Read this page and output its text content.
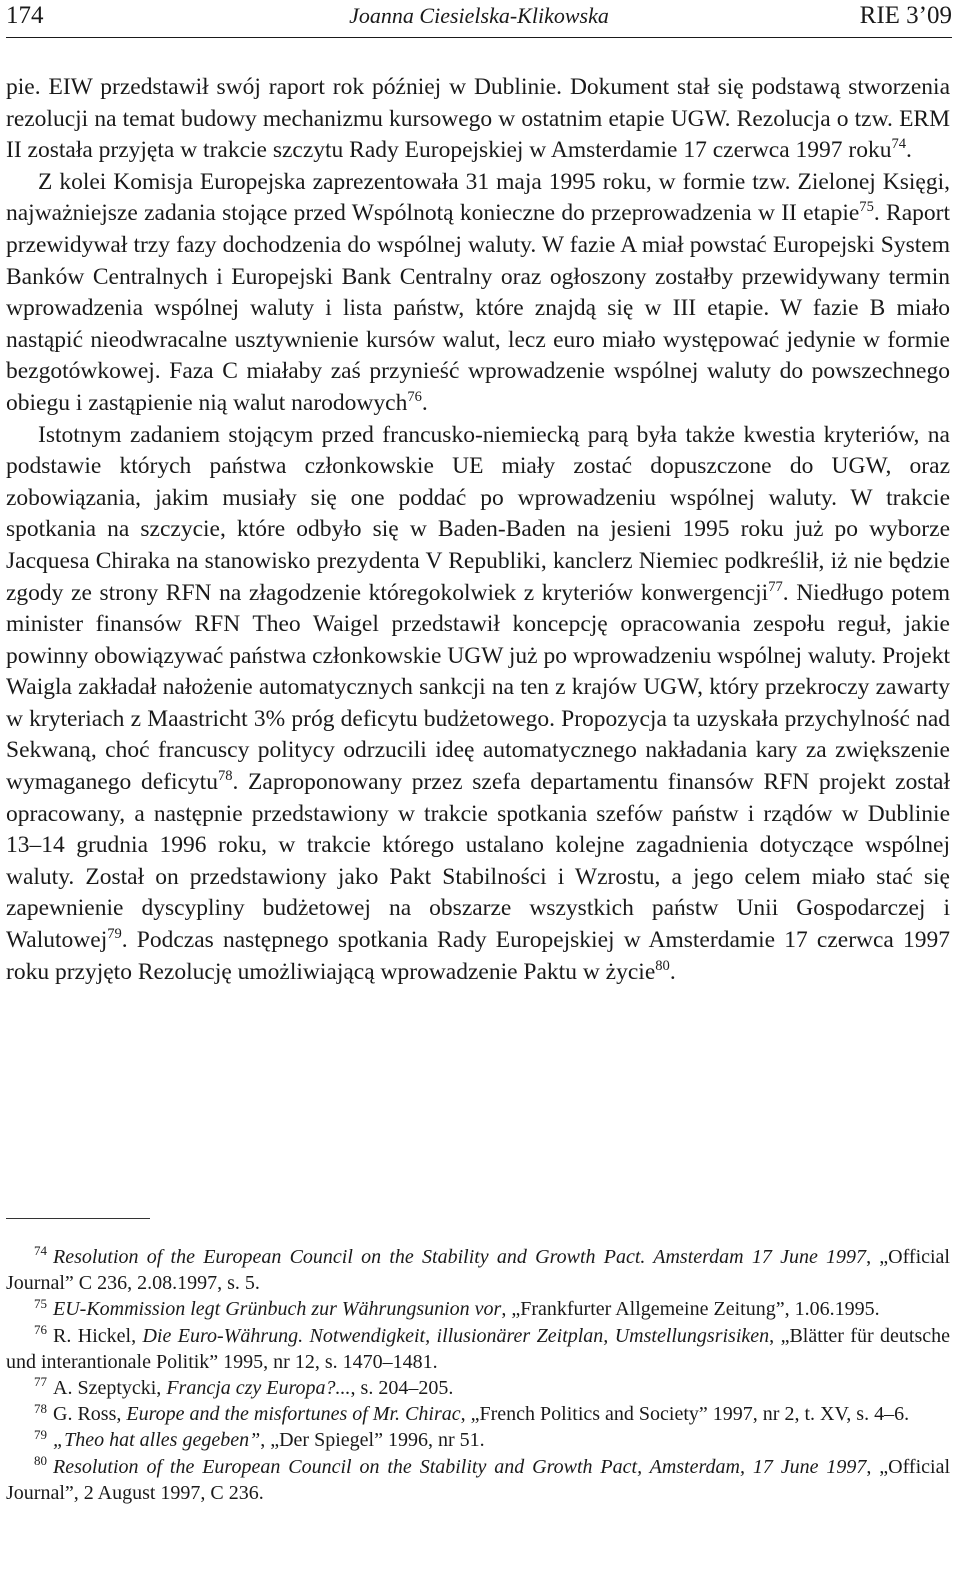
174	Joanna Ciesielska-Klikowska	RIE 3’09

pie. EIW przedstawił swój raport rok później w Dublinie. Dokument stał się podstawą stworzenia rezolucji na temat budowy mechanizmu kursowego w ostatnim etapie UGW. Rezolucja o tzw. ERM II została przyjęta w trakcie szczytu Rady Europejskiej w Amsterdamie 17 czerwca 1997 roku$^{74}$.

Z kolei Komisja Europejska zaprezentowała 31 maja 1995 roku, w formie tzw. Zielonej Księgi, najważniejsze zadania stojące przed Wspólnotą konieczne do przeprowadzenia w II etapie$^{75}$. Raport przewidywał trzy fazy dochodzenia do wspólnej waluty. W fazie A miał powstać Europejski System Banków Centralnych i Europejski Bank Centralny oraz ogłoszony zostałby przewidywany termin wprowadzenia wspólnej waluty i lista państw, które znajdą się w III etapie. W fazie B miało nastąpić nieodwracalne usztywnienie kursów walut, lecz euro miało występować jedynie w formie bezgotówkowej. Faza C miałaby zaś przynieść wprowadzenie wspólnej waluty do powszechnego obiegu i zastąpienie nią walut narodowych$^{76}$.

Istotnym zadaniem stojącym przed francusko-niemiecką parą była także kwestia kryteriów, na podstawie których państwa członkowskie UE miały zostać dopuszczone do UGW, oraz zobowiązania, jakim musiały się one poddać po wprowadzeniu wspólnej waluty. W trakcie spotkania na szczycie, które odbyło się w Baden-Baden na jesieni 1995 roku już po wyborze Jacquesa Chiraka na stanowisko prezydenta V Republiki, kanclerz Niemiec podkreślił, iż nie będzie zgody ze strony RFN na złagodzenie któregokolwiek z kryteriów konwergencji$^{77}$. Niedługo potem minister finansów RFN Theo Waigel przedstawił koncepcję opracowania zespołu reguł, jakie powinny obowiązywać państwa członkowskie UGW już po wprowadzeniu wspólnej waluty. Projekt Waigla zakładał nałożenie automatycznych sankcji na ten z krajów UGW, który przekroczy zawarty w kryteriach z Maastricht 3% próg deficytu budżetowego. Propozycja ta uzyskała przychylność nad Sekwaną, choć francuscy politycy odrzucili ideę automatycznego nakładania kary za zwiększenie wymaganego deficytu$^{78}$. Zaproponowany przez szefa departamentu finansów RFN projekt został opracowany, a następnie przedstawiony w trakcie spotkania szefów państw i rządów w Dublinie 13–14 grudnia 1996 roku, w trakcie którego ustalano kolejne zagadnienia dotyczące wspólnej waluty. Został on przedstawiony jako Pakt Stabilności i Wzrostu, a jego celem miało stać się zapewnienie dyscypliny budżetowej na obszarze wszystkich państw Unii Gospodarczej i Walutowej$^{79}$. Podczas następnego spotkania Rady Europejskiej w Amsterdamie 17 czerwca 1997 roku przyjęto Rezolucję umożliwiającą wprowadzenie Paktu w życie$^{80}$.

$^{74}$ Resolution of the European Council on the Stability and Growth Pact. Amsterdam 17 June 1997, „Official Journal” C 236, 2.08.1997, s. 5.

$^{75}$ EU-Kommission legt Grünbuch zur Währungsunion vor, „Frankfurter Allgemeine Zeitung”, 1.06.1995.

$^{76}$ R. Hickel, Die Euro-Währung. Notwendigkeit, illusionärer Zeitplan, Umstellungsrisiken, „Blätter für deutsche und interantionale Politik” 1995, nr 12, s. 1470–1481.

$^{77}$ A. Szeptycki, Francja czy Europa?..., s. 204–205.

$^{78}$ G. Ross, Europe and the misfortunes of Mr. Chirac, „French Politics and Society” 1997, nr 2, t. XV, s. 4–6.

$^{79}$ „Theo hat alles gegeben”, „Der Spiegel” 1996, nr 51.

$^{80}$ Resolution of the European Council on the Stability and Growth Pact, Amsterdam, 17 June 1997, „Official Journal”, 2 August 1997, C 236.
